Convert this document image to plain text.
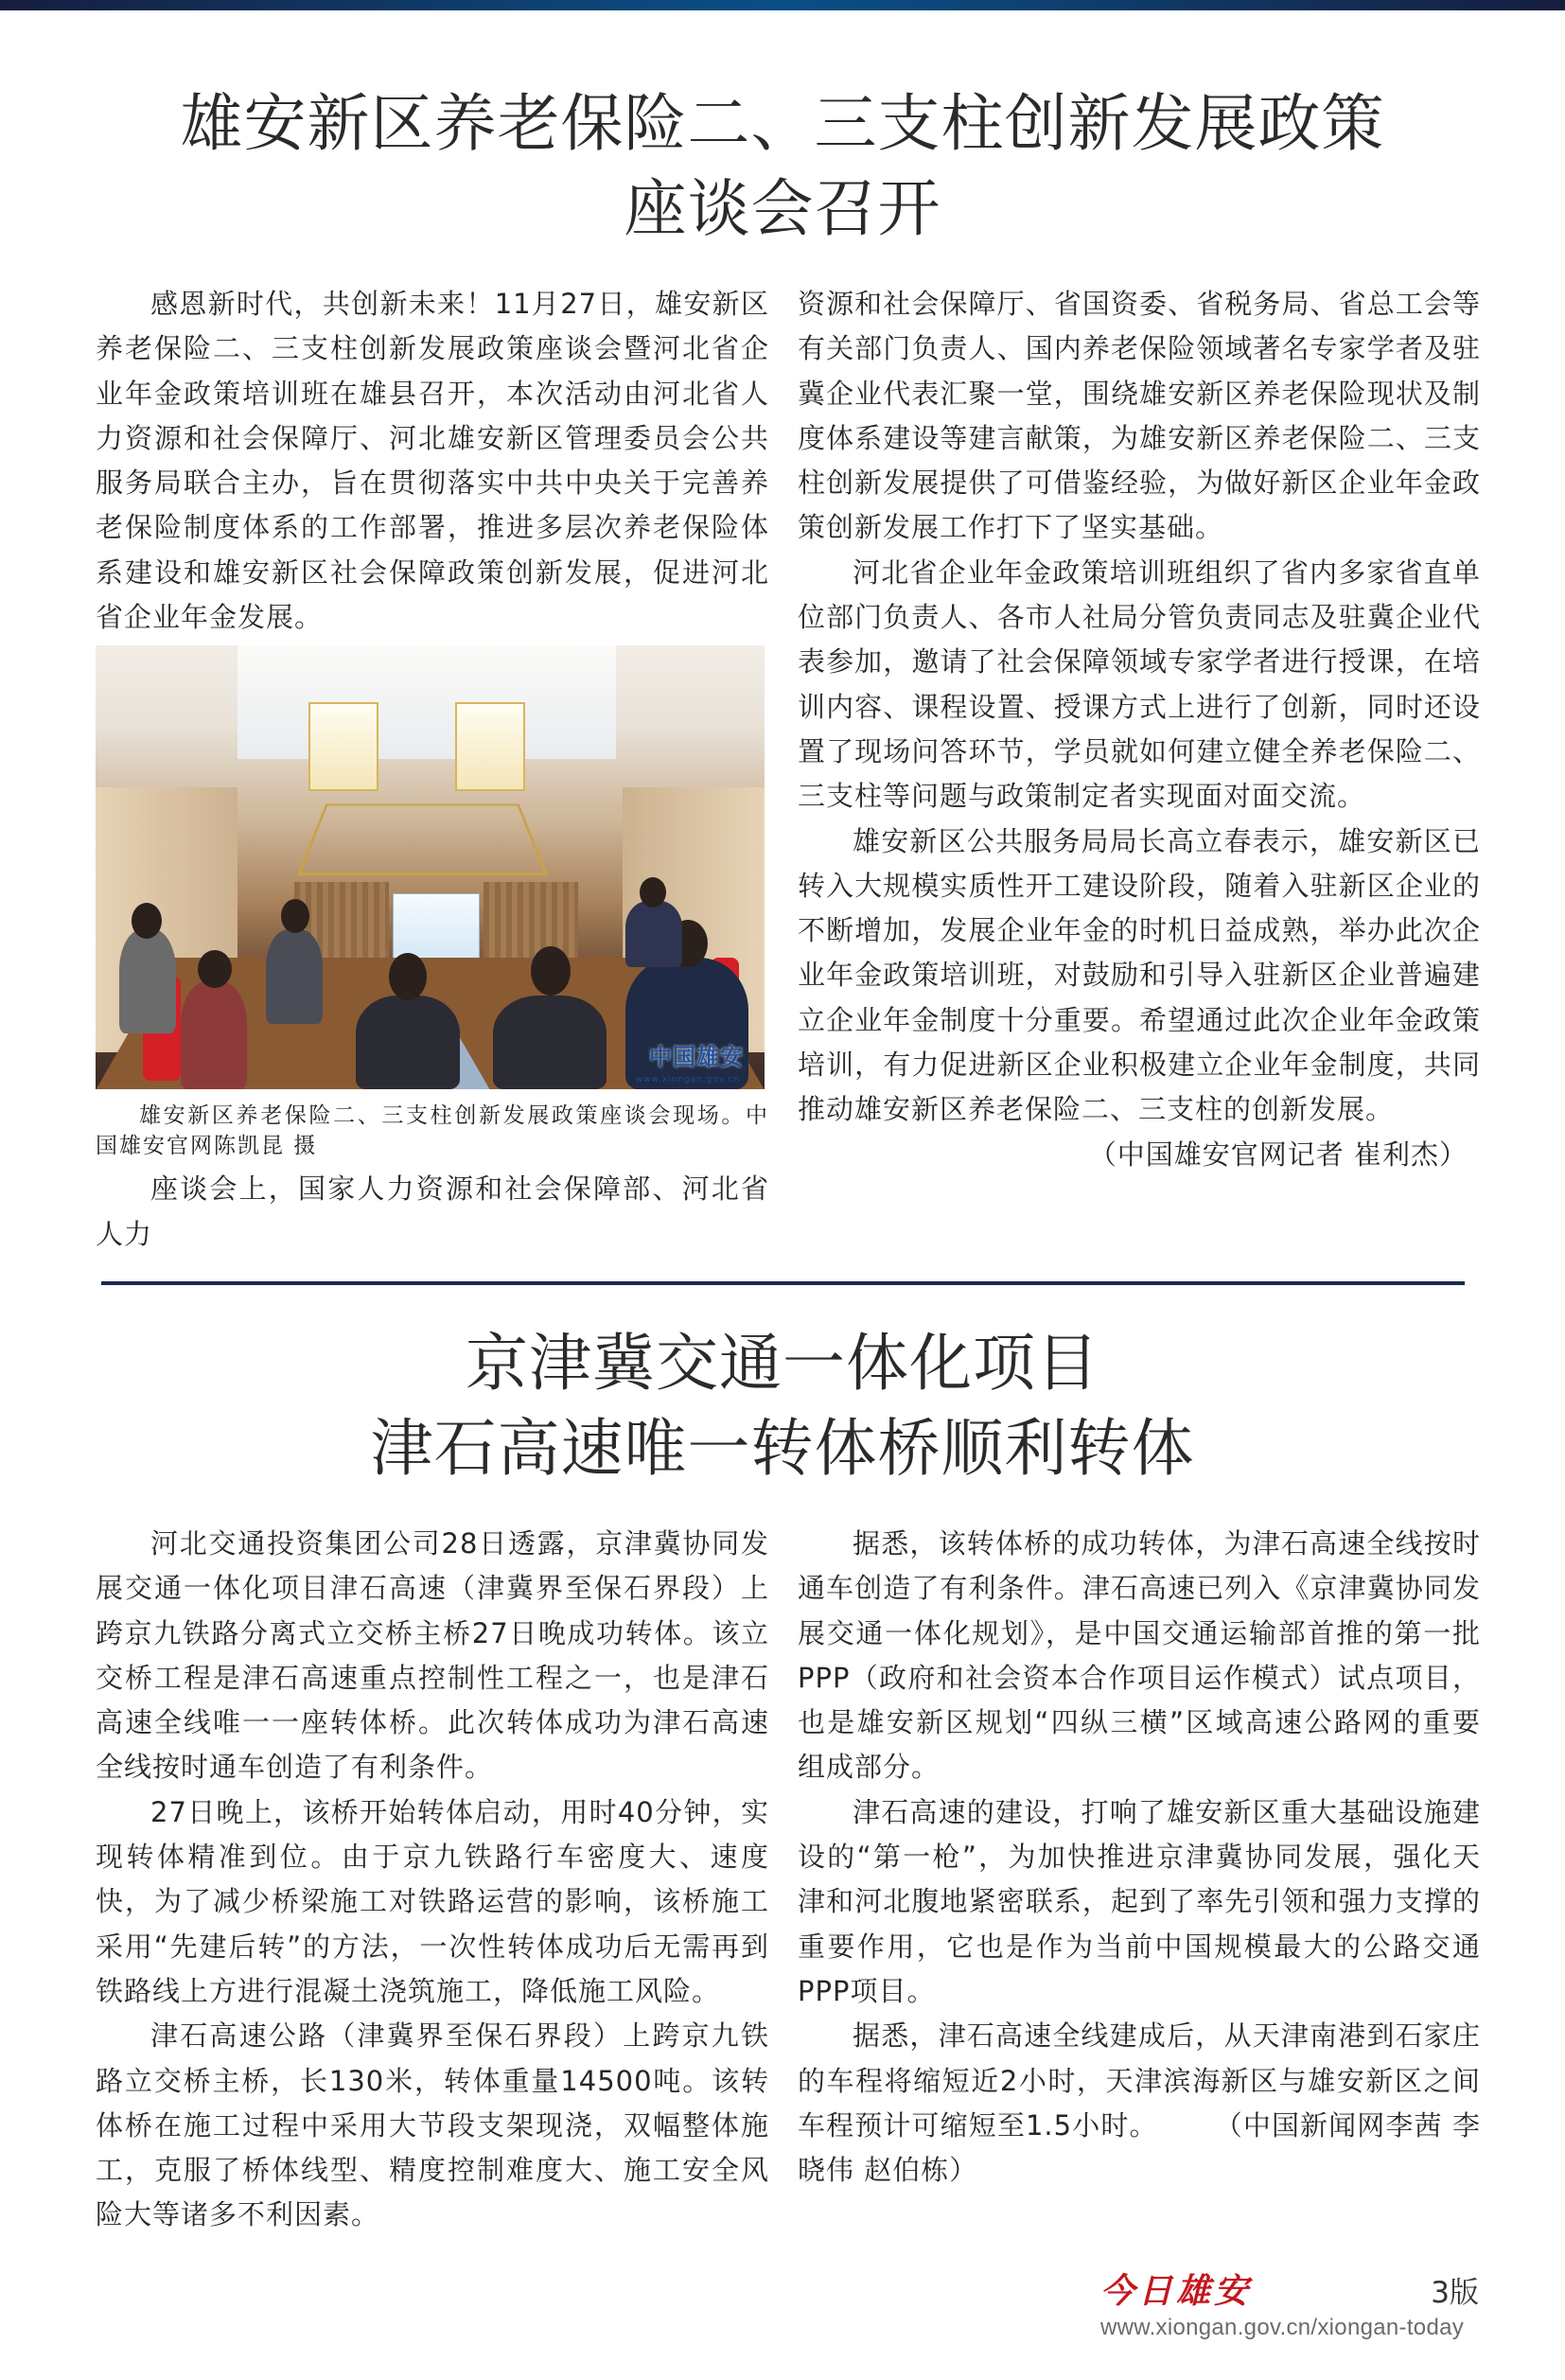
雄安新区养老保险二、三支柱创新发展政策
座谈会召开

感恩新时代，共创新未来！11月27日，雄安新区养老保险二、三支柱创新发展政策座谈会暨河北省企业年金政策培训班在雄县召开，本次活动由河北省人力资源和社会保障厅、河北雄安新区管理委员会公共服务局联合主办，旨在贯彻落实中共中央关于完善养老保险制度体系的工作部署，推进多层次养老保险体系建设和雄安新区社会保障政策创新发展，促进河北省企业年金发展。

中国雄安
www.xiongan.gov.cn
雄安新区养老保险二、三支柱创新发展政策座谈会现场。中国雄安官网陈凯昆 摄

座谈会上，国家人力资源和社会保障部、河北省人力

资源和社会保障厅、省国资委、省税务局、省总工会等有关部门负责人、国内养老保险领域著名专家学者及驻冀企业代表汇聚一堂，围绕雄安新区养老保险现状及制度体系建设等建言献策，为雄安新区养老保险二、三支柱创新发展提供了可借鉴经验，为做好新区企业年金政策创新发展工作打下了坚实基础。

河北省企业年金政策培训班组织了省内多家省直单位部门负责人、各市人社局分管负责同志及驻冀企业代表参加，邀请了社会保障领域专家学者进行授课，在培训内容、课程设置、授课方式上进行了创新，同时还设置了现场问答环节，学员就如何建立健全养老保险二、三支柱等问题与政策制定者实现面对面交流。

雄安新区公共服务局局长高立春表示，雄安新区已转入大规模实质性开工建设阶段，随着入驻新区企业的不断增加，发展企业年金的时机日益成熟，举办此次企业年金政策培训班，对鼓励和引导入驻新区企业普遍建立企业年金制度十分重要。希望通过此次企业年金政策培训，有力促进新区企业积极建立企业年金制度，共同推动雄安新区养老保险二、三支柱的创新发展。

（中国雄安官网记者 崔利杰）

京津冀交通一体化项目
津石高速唯一转体桥顺利转体

河北交通投资集团公司28日透露，京津冀协同发展交通一体化项目津石高速（津冀界至保石界段）上跨京九铁路分离式立交桥主桥27日晚成功转体。该立交桥工程是津石高速重点控制性工程之一，也是津石高速全线唯一一座转体桥。此次转体成功为津石高速全线按时通车创造了有利条件。

27日晚上，该桥开始转体启动，用时40分钟，实现转体精准到位。由于京九铁路行车密度大、速度快，为了减少桥梁施工对铁路运营的影响，该桥施工采用“先建后转”的方法，一次性转体成功后无需再到铁路线上方进行混凝土浇筑施工，降低施工风险。

津石高速公路（津冀界至保石界段）上跨京九铁路立交桥主桥，长130米，转体重量14500吨。该转体桥在施工过程中采用大节段支架现浇，双幅整体施工，克服了桥体线型、精度控制难度大、施工安全风险大等诸多不利因素。

据悉，该转体桥的成功转体，为津石高速全线按时通车创造了有利条件。津石高速已列入《京津冀协同发展交通一体化规划》，是中国交通运输部首推的第一批PPP（政府和社会资本合作项目运作模式）试点项目，也是雄安新区规划“四纵三横”区域高速公路网的重要组成部分。

津石高速的建设，打响了雄安新区重大基础设施建设的“第一枪”，为加快推进京津冀协同发展，强化天津和河北腹地紧密联系，起到了率先引领和强力支撑的重要作用，它也是作为当前中国规模最大的公路交通PPP项目。

据悉，津石高速全线建成后，从天津南港到石家庄的车程将缩短近2小时，天津滨海新区与雄安新区之间车程预计可缩短至1.5小时。 （中国新闻网李茜 李晓伟 赵伯栋）

今日雄安	3版
www.xiongan.gov.cn/xiongan-today
